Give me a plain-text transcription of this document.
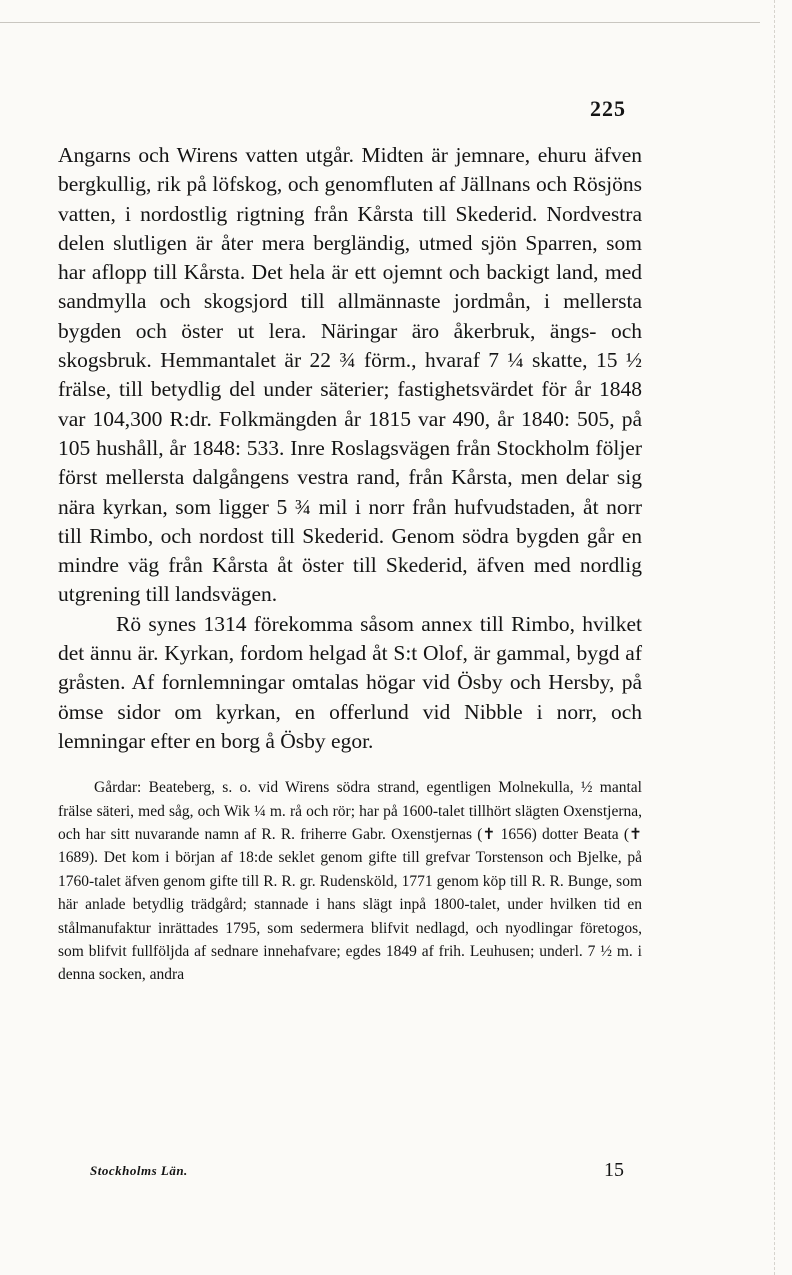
225

Angarns och Wirens vatten utgår. Midten är jemnare, ehuru äfven bergkullig, rik på löfskog, och genomfluten af Jällnans och Rösjöns vatten, i nordostlig rigtning från Kårsta till Skederid. Nordvestra delen slutligen är åter mera bergländig, utmed sjön Sparren, som har aflopp till Kårsta. Det hela är ett ojemnt och backigt land, med sandmylla och skogsjord till allmännaste jordmån, i mellersta bygden och öster ut lera. Näringar äro åkerbruk, ängs- och skogsbruk. Hemmantalet är 22 ¾ förm., hvaraf 7 ¼ skatte, 15 ½ frälse, till betydlig del under säterier; fastighetsvärdet för år 1848 var 104,300 R:dr. Folkmängden år 1815 var 490, år 1840: 505, på 105 hushåll, år 1848: 533. Inre Roslagsvägen från Stockholm följer först mellersta dalgångens vestra rand, från Kårsta, men delar sig nära kyrkan, som ligger 5 ¾ mil i norr från hufvudstaden, åt norr till Rimbo, och nordost till Skederid. Genom södra bygden går en mindre väg från Kårsta åt öster till Skederid, äfven med nordlig utgrening till landsvägen.

Rö synes 1314 förekomma såsom annex till Rimbo, hvilket det ännu är. Kyrkan, fordom helgad åt S:t Olof, är gammal, bygd af gråsten. Af fornlemningar omtalas högar vid Ösby och Hersby, på ömse sidor om kyrkan, en offerlund vid Nibble i norr, och lemningar efter en borg å Ösby egor.

Gårdar: Beateberg, s. o. vid Wirens södra strand, egentligen Molnekulla, ½ mantal frälse säteri, med såg, och Wik ¼ m. rå och rör; har på 1600-talet tillhört slägten Oxenstjerna, och har sitt nuvarande namn af R. R. friherre Gabr. Oxenstjernas (✝ 1656) dotter Beata (✝ 1689). Det kom i början af 18:de seklet genom gifte till grefvar Torstenson och Bjelke, på 1760-talet äfven genom gifte till R. R. gr. Rudensköld, 1771 genom köp till R. R. Bunge, som här anlade betydlig trädgård; stannade i hans slägt inpå 1800-talet, under hvilken tid en stålmanufaktur inrättades 1795, som sedermera blifvit nedlagd, och nyodlingar företogos, som blifvit fullföljda af sednare innehafvare; egdes 1849 af frih. Leuhusen; underl. 7 ½ m. i denna socken, andra

Stockholms Län.	15
